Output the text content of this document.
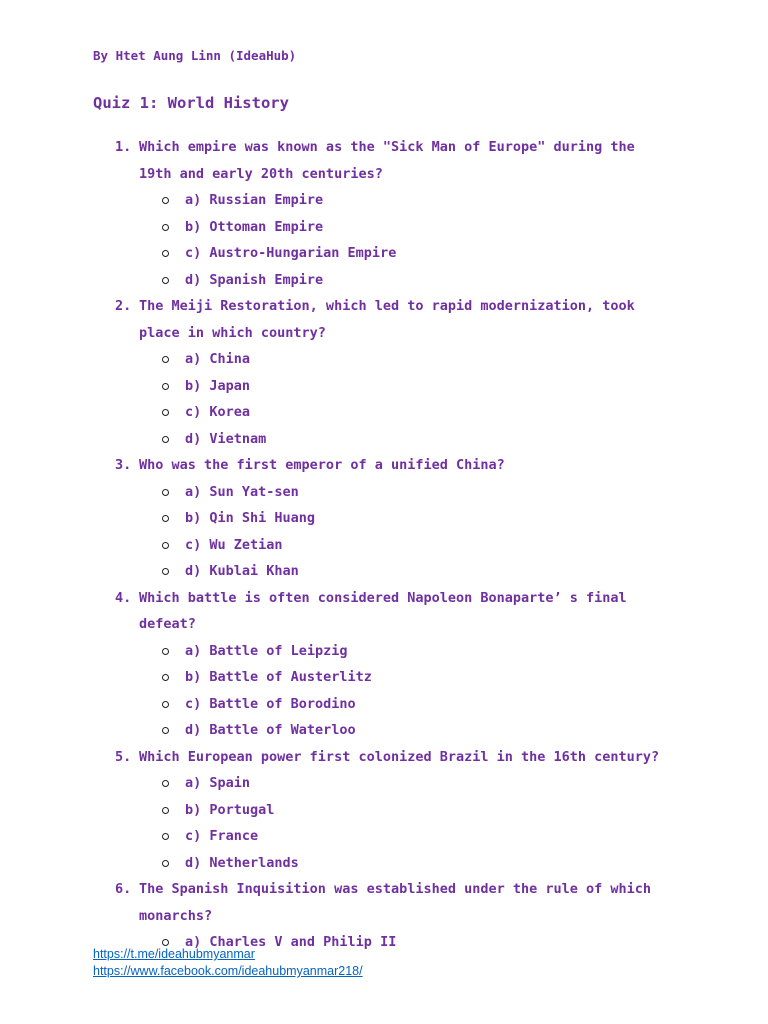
By Htet Aung Linn (IdeaHub)
Quiz 1: World History
1. Which empire was known as the "Sick Man of Europe" during the 19th and early 20th centuries?
a) Russian Empire
b) Ottoman Empire
c) Austro-Hungarian Empire
d) Spanish Empire
2. The Meiji Restoration, which led to rapid modernization, took place in which country?
a) China
b) Japan
c) Korea
d) Vietnam
3. Who was the first emperor of a unified China?
a) Sun Yat-sen
b) Qin Shi Huang
c) Wu Zetian
d) Kublai Khan
4. Which battle is often considered Napoleon Bonaparte’ s final defeat?
a) Battle of Leipzig
b) Battle of Austerlitz
c) Battle of Borodino
d) Battle of Waterloo
5. Which European power first colonized Brazil in the 16th century?
a) Spain
b) Portugal
c) France
d) Netherlands
6. The Spanish Inquisition was established under the rule of which monarchs?
a) Charles V and Philip II
https://t.me/ideahubmyanmar
https://www.facebook.com/ideahubmyanmar218/
